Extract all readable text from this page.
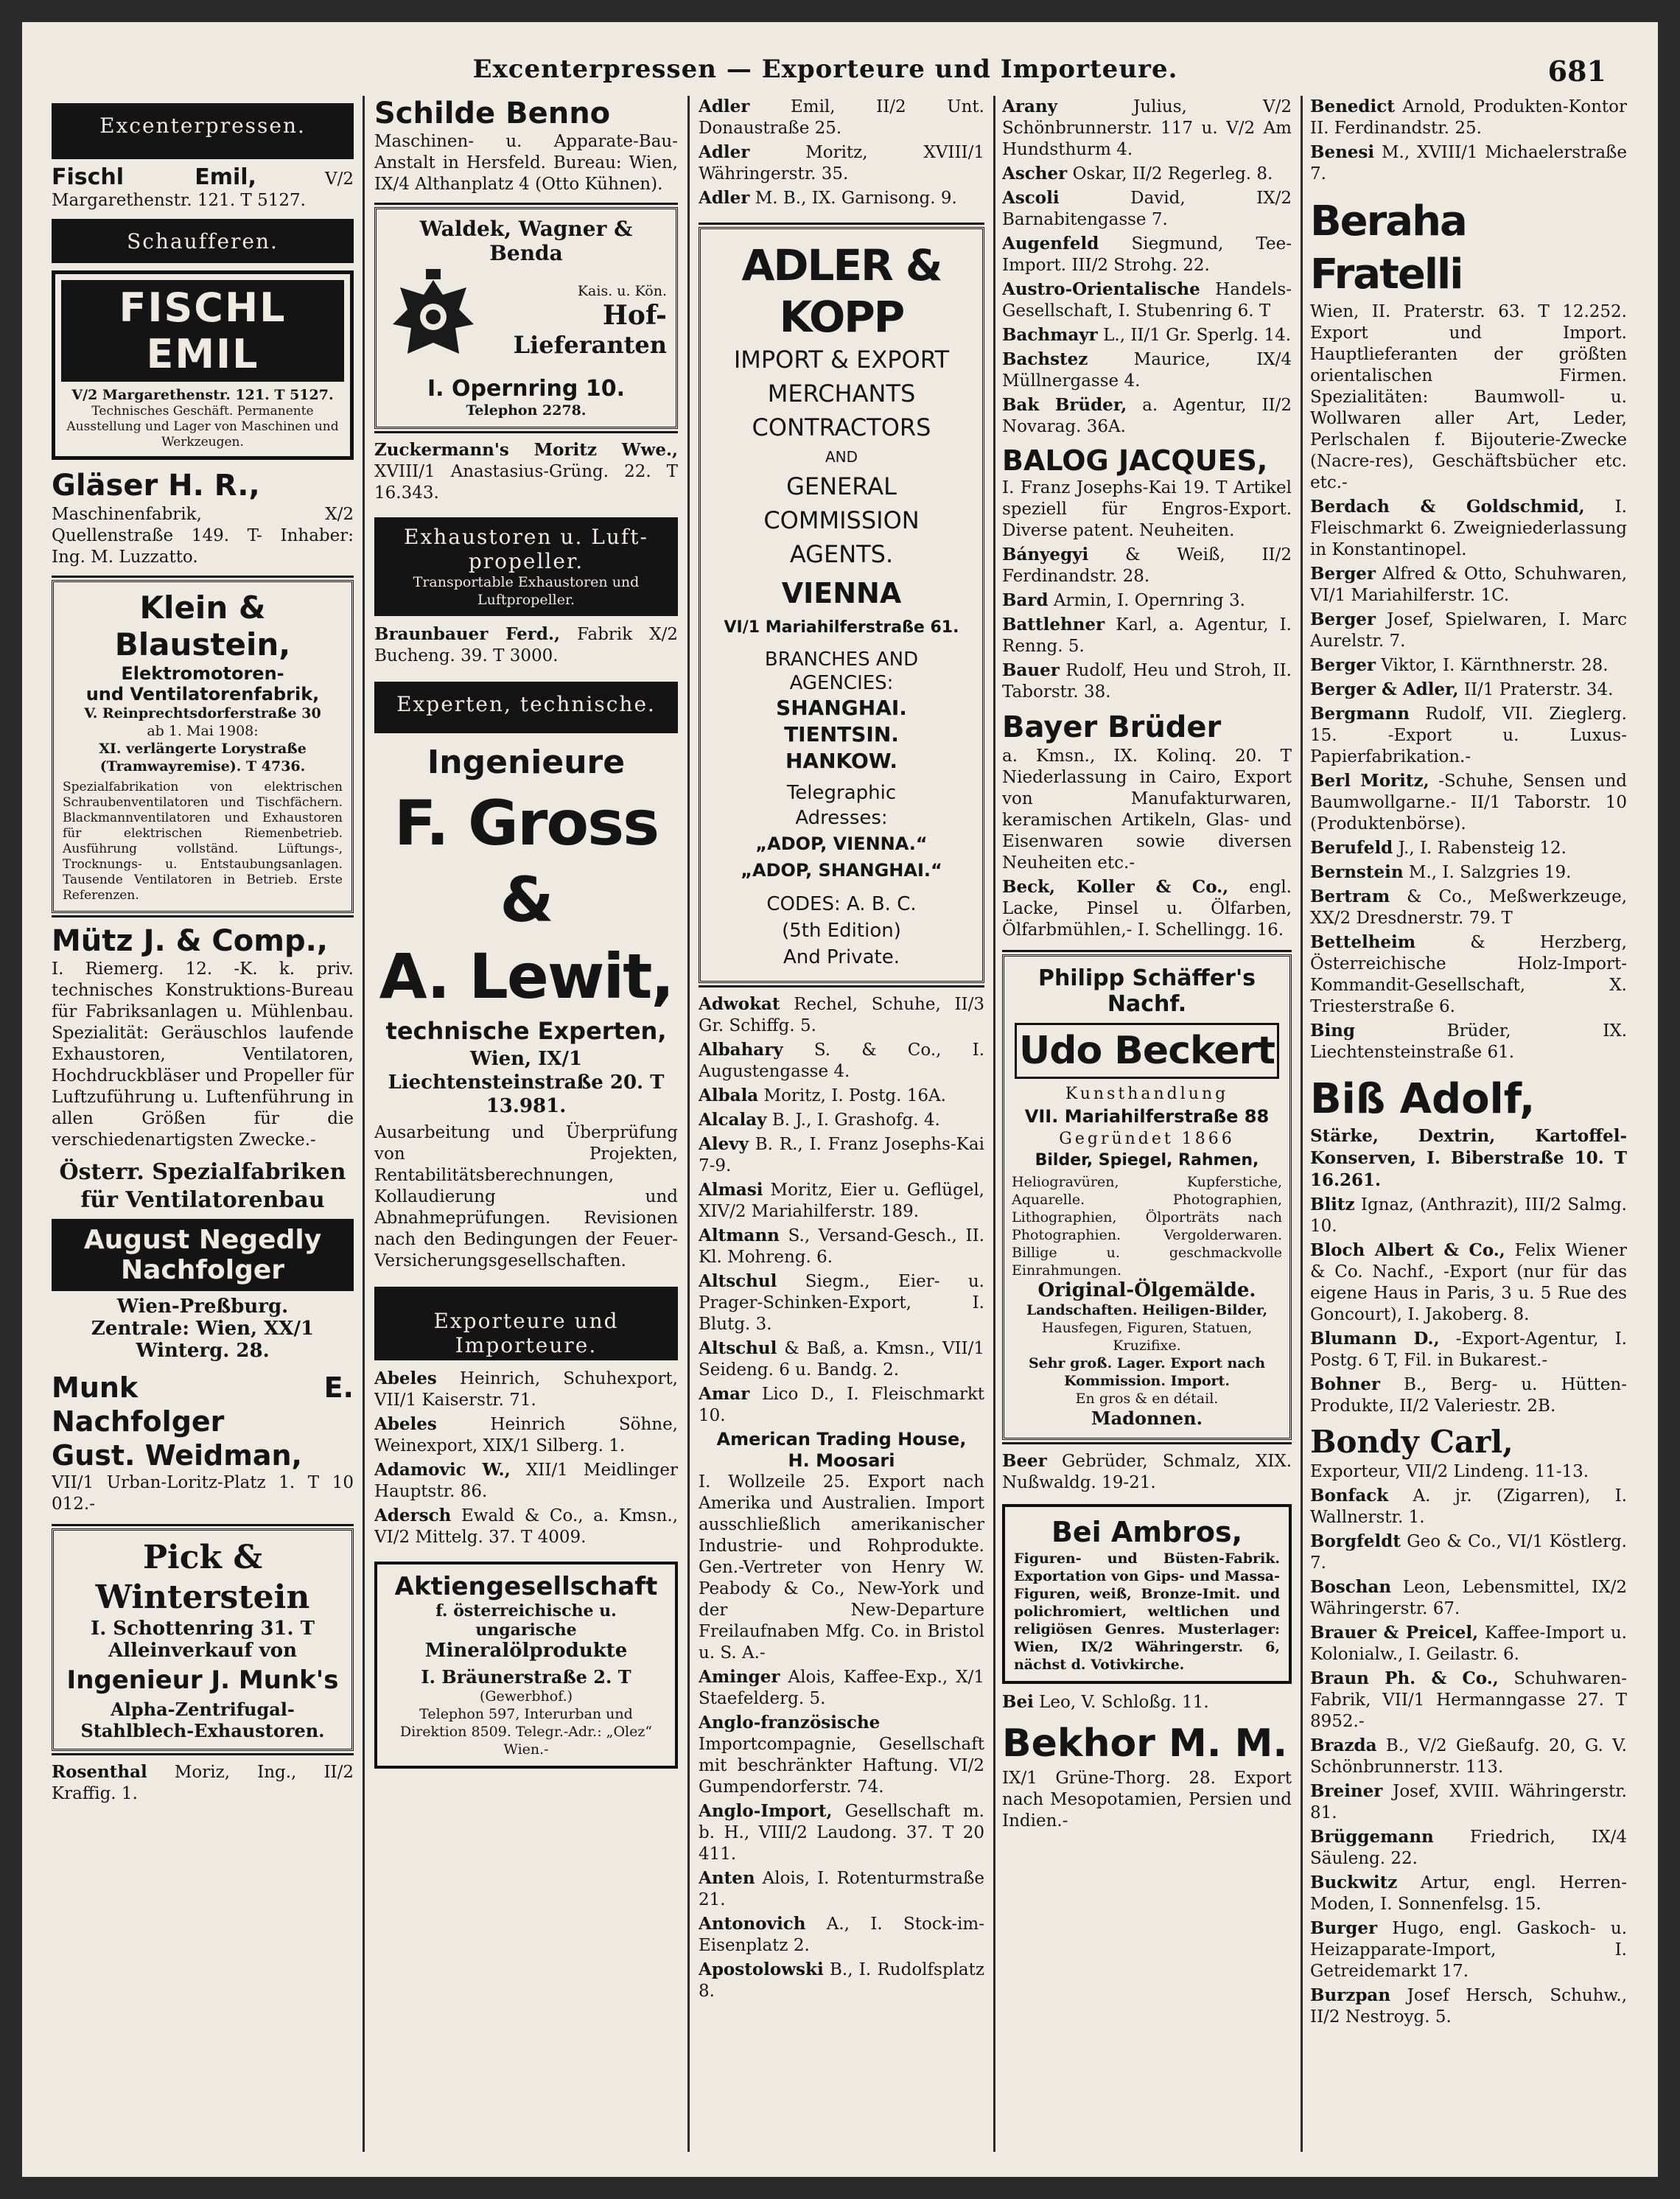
Excenterpressen — Exporteure und Importeure.	681
Excenterpressen.

Fischl Emil,	V/2 Margarethenstr. 121. T 5127.

Schaufferen.
FISCHL EMIL
V/2 Margarethenstr. 121. T 5127.
Technisches Geschäft. Permanente Ausstellung und Lager von Maschinen und Werkzeugen.

Gläser H. R.,
Maschinenfabrik, X/2 Quellenstraße 149. T- Inhaber: Ing. M. Luzzatto.

Klein & Blaustein,
Elektromotoren-
und Ventilatorenfabrik,
V. Reinprechtsdorferstraße 30
ab 1. Mai 1908:
XI. verlängerte Lorystraße
(Tramwayremise). T 4736.
Spezialfabrikation von elektrischen Schraubenventilatoren und Tischfächern. Blackmannventilatoren und Exhaustoren für elektrischen Riemenbetrieb. Ausführung vollständ. Lüftungs-, Trocknungs- u. Entstaubungsanlagen. Tausende Ventilatoren in Betrieb. Erste Referenzen.

Mütz J. & Comp.,
I. Riemerg. 12. -K. k. priv. technisches Konstruktions-Bureau für Fabriksanlagen u. Mühlenbau. Spezialität: Geräuschlos laufende Exhaustoren, Ventilatoren, Hochdruckbläser und Propeller für Luftzuführung u. Luftenführung in allen Größen für die verschiedenartigsten Zwecke.-

Österr. Spezialfabriken für Ventilatorenbau
August Negedly Nachfolger
Wien-Preßburg.
Zentrale: Wien, XX/1 Winterg. 28.

Munk E. Nachfolger
Gust. Weidman,
VII/1 Urban-Loritz-Platz 1. T 10 012.-

Pick & Winterstein
I. Schottenring 31. T
Alleinverkauf von
Ingenieur J. Munk's
Alpha-Zentrifugal-Stahlblech-Exhaustoren.

Rosenthal Moriz, Ing., II/2 Kraffig. 1.

Schilde Benno
Maschinen- u. Apparate-Bau-Anstalt in Hersfeld. Bureau: Wien, IX/4 Althanplatz 4 (Otto Kühnen).

Waldek, Wagner & Benda
Kais. u. Kön.
Hof-
Lieferanten
I. Opernring 10.
Telephon 2278.

Zuckermann's Moritz Wwe., XVIII/1 Anastasius-Grüng. 22. T 16.343.

Exhaustoren u. Luft-
propeller.
Transportable Exhaustoren und Luftpropeller.

Braunbauer Ferd., Fabrik X/2 Bucheng. 39. T 3000.

Experten, technische.
Ingenieure
F. Gross &
A. Lewit,
technische Experten,
Wien, IX/1 Liechtensteinstraße 20. T 13.981.
Ausarbeitung und Überprüfung von Projekten, Rentabilitätsberechnungen, Kollaudierung und Abnahmeprüfungen. Revisionen nach den Bedingungen der Feuer-Versicherungsgesellschaften.
Exporteure und Importeure.

Abeles Heinrich, Schuhexport, VII/1 Kaiserstr. 71.

Abeles	Heinrich Söhne, Weinexport, XIX/1 Silberg. 1.

Adamovic W., XII/1 Meidlinger Hauptstr. 86.

Adersch Ewald & Co., a. Kmsn., VI/2 Mittelg. 37. T 4009.

Aktiengesellschaft
f. österreichische u. ungarische
Mineralölprodukte
I. Bräunerstraße 2. T
(Gewerbhof.)
Telephon 597, Interurban und Direktion 8509. Telegr.-Adr.: „Olez“ Wien.-

Adler Emil, II/2 Unt. Donaustraße 25.

Adler	Moritz, XVIII/1 Währingerstr. 35.

Adler M. B., IX. Garnisong. 9.

ADLER & KOPP
IMPORT & EXPORT
MERCHANTS
CONTRACTORS
AND
GENERAL
COMMISSION
AGENTS.
VIENNA
VI/1 Mariahilferstraße 61.
BRANCHES AND
AGENCIES:
SHANGHAI.
TIENTSIN.
HANKOW.
Telegraphic
Adresses:
„ADOP, VIENNA.“
„ADOP, SHANGHAI.“
CODES: A. B. C.
(5th Edition)
And Private.

Adwokat Rechel, Schuhe, II/3 Gr. Schiffg. 5.

Albahary S. & Co., I. Augustengasse 4.

Albala Moritz, I. Postg. 16A.

Alcalay B. J., I. Grashofg. 4.

Alevy B. R., I. Franz Josephs-Kai 7-9.

Almasi Moritz, Eier u. Geflügel, XIV/2 Mariahilferstr. 189.

Altmann S., Versand-Gesch., II. Kl. Mohreng. 6.

Altschul Siegm., Eier- u. Prager-Schinken-Export, I. Blutg. 3.

Altschul & Baß, a. Kmsn., VII/1 Seideng. 6 u. Bandg. 2.

Amar Lico D., I. Fleischmarkt 10.

American Trading House,
H. Moosari
I. Wollzeile 25. Export nach Amerika und Australien. Import ausschließlich amerikanischer Industrie- und Rohprodukte. Gen.-Vertreter von Henry W. Peabody & Co., New-York und der New-Departure Freilaufnaben Mfg. Co. in Bristol u. S. A.-

Aminger Alois, Kaffee-Exp., X/1 Staefelderg. 5.

Anglo-französische Importcompagnie, Gesellschaft mit beschränkter Haftung. VI/2 Gumpendorferstr. 74.

Anglo-Import, Gesellschaft m. b. H., VIII/2 Laudong. 37. T 20 411.

Anten Alois, I. Rotenturmstraße 21.

Antonovich A., I. Stock-im-Eisenplatz 2.

Apostolowski B., I. Rudolfsplatz 8.

Arany	Julius, V/2 Schönbrunnerstr. 117 u. V/2 Am Hundsthurm 4.

Ascher Oskar, II/2 Regerleg. 8.

Ascoli	David, IX/2 Barnabitengasse 7.

Augenfeld Siegmund, Tee-Import. III/2 Strohg. 22.

Austro-Orientalische Handels-Gesellschaft, I. Stubenring 6. T

Bachmayr L., II/1 Gr. Sperlg. 14.

Bachstez	Maurice, IX/4 Müllnergasse 4.

Bak Brüder, a. Agentur, II/2 Novarag. 36A.

BALOG JACQUES,
I. Franz Josephs-Kai 19. T Artikel speziell für Engros-Export. Diverse patent. Neuheiten.

Bányegyi & Weiß, II/2 Ferdinandstr. 28.

Bard Armin, I. Opernring 3.

Battlehner Karl, a. Agentur, I. Renng. 5.

Bauer Rudolf, Heu und Stroh, II. Taborstr. 38.

Bayer Brüder
a. Kmsn., IX. Kolinq. 20. T Niederlassung in Cairo, Export von Manufakturwaren, keramischen Artikeln, Glas- und Eisenwaren sowie diversen Neuheiten etc.-

Beck, Koller & Co., engl. Lacke, Pinsel u. Ölfarben, Ölfarbmühlen,- I. Schellingg. 16.

Philipp Schäffer's
Nachf.
Udo Beckert
Kunsthandlung
VII. Mariahilferstraße 88
Gegründet 1866
Bilder, Spiegel, Rahmen,
Heliogravüren, Kupferstiche, Aquarelle. Photographien, Lithographien, Ölporträts nach Photographien. Vergolderwaren. Billige u. geschmackvolle Einrahmungen.
Original-Ölgemälde.
Landschaften. Heiligen-Bilder,
Hausfegen, Figuren, Statuen, Kruzifixe.
Sehr groß. Lager. Export nach Kommission. Import.
En gros & en détail.
Madonnen.

Beer Gebrüder, Schmalz, XIX. Nußwaldg. 19-21.

Bei Ambros,
Figuren- und Büsten-Fabrik. Exportation von Gips- und Massa-Figuren, weiß, Bronze-Imit. und polichromiert, weltlichen und religiösen Genres. Musterlager: Wien, IX/2 Währingerstr. 6, nächst d. Votivkirche.

Bei Leo, V. Schloßg. 11.

Bekhor M. M.
IX/1 Grüne-Thorg. 28. Export nach Mesopotamien, Persien und Indien.-

Benedict Arnold, Produkten-Kontor II. Ferdinandstr. 25.

Benesi M., XVIII/1 Michaelerstraße 7.

Beraha Fratelli
Wien, II. Praterstr. 63. T 12.252. Export und Import. Hauptlieferanten der größten orientalischen Firmen. Spezialitäten: Baumwoll- u. Wollwaren aller Art, Leder, Perlschalen f. Bijouterie-Zwecke (Nacre-res), Geschäftsbücher etc. etc.-

Berdach & Goldschmid, I. Fleischmarkt 6. Zweigniederlassung in Konstantinopel.

Berger Alfred & Otto, Schuhwaren, VI/1 Mariahilferstr. 1C.

Berger Josef, Spielwaren, I. Marc Aurelstr. 7.

Berger Viktor, I. Kärnthnerstr. 28.

Berger & Adler, II/1 Praterstr. 34.

Bergmann Rudolf, VII. Zieglerg. 15. -Export u. Luxus-Papierfabrikation.-

Berl Moritz, -Schuhe, Sensen und Baumwollgarne.- II/1 Taborstr. 10 (Produktenbörse).

Berufeld J., I. Rabensteig 12.

Bernstein M., I. Salzgries 19.

Bertram & Co., Meßwerkzeuge, XX/2 Dresdnerstr. 79. T

Bettelheim	& Herzberg, Österreichische Holz-Import-Kommandit-Gesellschaft, X. Triesterstraße 6.

Bing	Brüder, IX. Liechtensteinstraße 61.

Biß Adolf,
Stärke, Dextrin, Kartoffel-Konserven, I. Biberstraße 10. T 16.261.

Blitz Ignaz, (Anthrazit), III/2 Salmg. 10.

Bloch Albert & Co., Felix Wiener & Co. Nachf., -Export (nur für das eigene Haus in Paris, 3 u. 5 Rue des Goncourt), I. Jakoberg. 8.

Blumann D., -Export-Agentur, I. Postg. 6 T, Fil. in Bukarest.-

Bohner B., Berg- u. Hütten-Produkte, II/2 Valeriestr. 2B.

Bondy Carl,
Exporteur, VII/2 Lindeng. 11-13.

Bonfack A. jr. (Zigarren), I. Wallnerstr. 1.

Borgfeldt Geo & Co., VI/1 Köstlerg. 7.

Boschan Leon, Lebensmittel, IX/2 Währingerstr. 67.

Brauer & Preicel, Kaffee-Import u. Kolonialw., I. Geilastr. 6.

Braun Ph. & Co., Schuhwaren-Fabrik, VII/1 Hermanngasse 27. T 8952.-

Brazda B., V/2 Gießaufg. 20, G. V. Schönbrunnerstr. 113.

Breiner Josef, XVIII. Währingerstr. 81.

Brüggemann Friedrich, IX/4 Säuleng. 22.

Buckwitz Artur, engl. Herren-Moden, I. Sonnenfelsg. 15.

Burger Hugo, engl. Gaskoch- u. Heizapparate-Import, I. Getreidemarkt 17.

Burzpan Josef Hersch, Schuhw., II/2 Nestroyg. 5.
